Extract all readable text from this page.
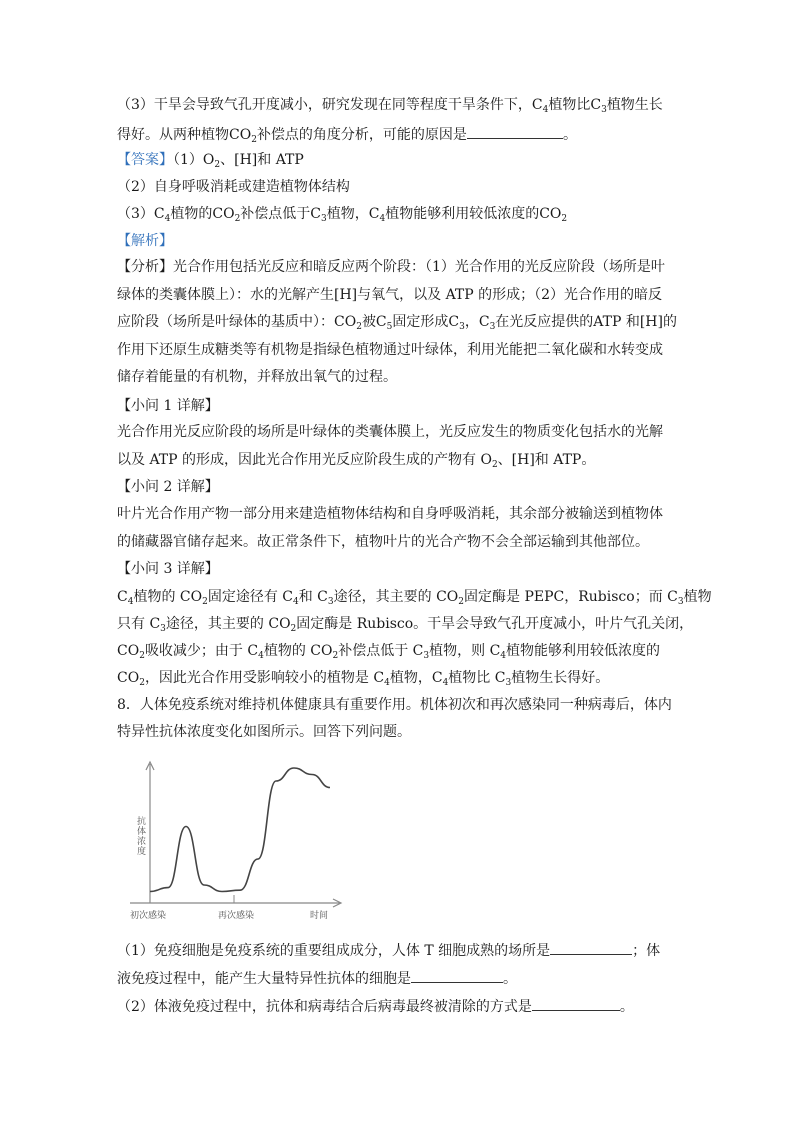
（3）干旱会导致气孔开度减小，研究发现在同等程度干旱条件下，$C_4$植物比$C_3$植物生长
得好。从两种植物$CO_2$补偿点的角度分析，可能的原因是	。
【答案】$(1)O_2$、[H]和 ATP
（2）自身呼吸消耗或建造植物体结构
$(3)C_4$植物的$CO_2$补偿点低于$C_3$植物，$C_4$植物能够利用较低浓度的$CO_2$
【解析】
【分析】光合作用包括光反应和暗反应两个阶段：（1）光合作用的光反应阶段（场所是叶
绿体的类囊体膜上）：水的光解产生[H]与氧气，以及 ATP 的形成；（2）光合作用的暗反
应阶段（场所是叶绿体的基质中）：$CO_2$被$C_5$固定形成$C_3$，$C_3$在光反应提供的ATP 和[H]的
作用下还原生成糖类等有机物是指绿色植物通过叶绿体，利用光能把二氧化碳和水转变成
储存着能量的有机物，并释放出氧气的过程。
【小问 1 详解】
光合作用光反应阶段的场所是叶绿体的类囊体膜上，光反应发生的物质变化包括水的光解
以及 ATP 的形成，因此光合作用光反应阶段生成的产物有 $O_2$、[H]和 ATP。
【小问 2 详解】
叶片光合作用产物一部分用来建造植物体结构和自身呼吸消耗，其余部分被输送到植物体
的储藏器官储存起来。故正常条件下，植物叶片的光合产物不会全部运输到其他部位。
【小问 3 详解】
$C_4$植物的 $CO_2$固定途径有 $C_4$和 $C_3$途径，其主要的 $CO_2$固定酶是 PEPC，Rubisco；而 $C_3$植物
只有 $C_3$途径，其主要的 $CO_2$固定酶是 Rubisco。干旱会导致气孔开度减小，叶片气孔关闭，
$CO_2$吸收减少；由于 $C_4$植物的 $CO_2$补偿点低于 $C_3$植物，则 $C_4$植物能够利用较低浓度的
$CO_2$，因此光合作用受影响较小的植物是 $C_4$植物，$C_4$植物比 $C_3$植物生长得好。
8．人体免疫系统对维持机体健康具有重要作用。机体初次和再次感染同一种病毒后，体内
特异性抗体浓度变化如图所示。回答下列问题。
抗体浓度
初次感染	再次感染	时间
（1）免疫细胞是免疫系统的重要组成成分，人体 T 细胞成熟的场所是	；体
液免疫过程中，能产生大量特异性抗体的细胞是	。
（2）体液免疫过程中，抗体和病毒结合后病毒最终被清除的方式是	。
